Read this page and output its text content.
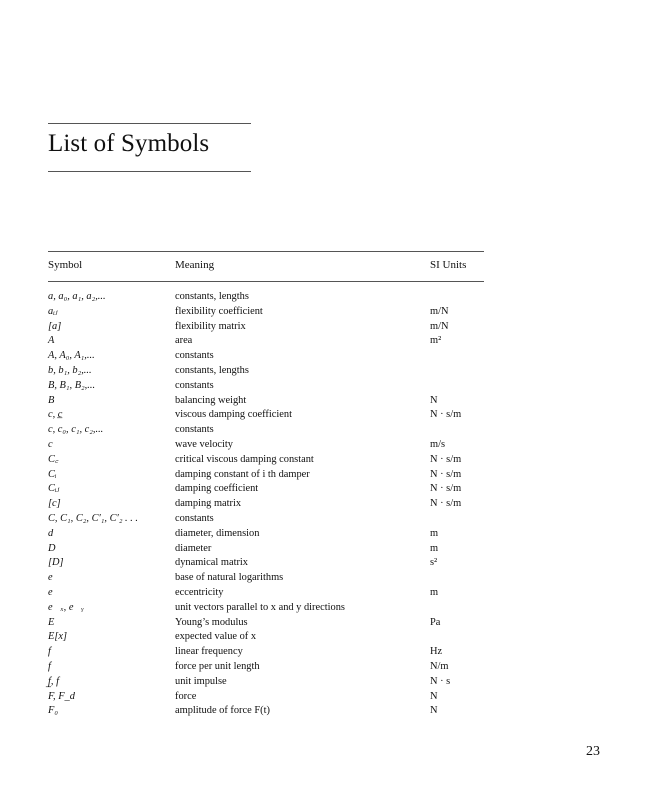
List of Symbols
Symbol	Meaning	SI Units
a, a₀, a₁, a₂,...	constants, lengths
aᵢⱼ	flexibility coefficient	m/N
[a]	flexibility matrix	m/N
A	area	m²
A, A₀, A₁,...	constants
b, b₁, b₂,...	constants, lengths
B, B₁, B₂,...	constants
B⃗	balancing weight	N
c, c̲	viscous damping coefficient	N · s/m
c, c₀, c₁, c₂,...	constants
c	wave velocity	m/s
C꜀	critical viscous damping constant	N · s/m
Cᵢ	damping constant of i th damper	N · s/m
Cᵢⱼ	damping coefficient	N · s/m
[c]	damping matrix	N · s/m
C, C₁, C₂, C′₁, C′₂ . . .	constants
d	diameter, dimension	m
D	diameter	m
[D]	dynamical matrix	s²
e	base of natural logarithms
e	eccentricity	m
e⃗ₓ, e⃗ᵧ	unit vectors parallel to x and y directions
E	Young’s modulus	Pa
E[x]	expected value of x
f	linear frequency	Hz
f	force per unit length	N/m
f̲, f	unit impulse	N · s
F, F_d	force	N
F₀	amplitude of force F(t)	N
23
